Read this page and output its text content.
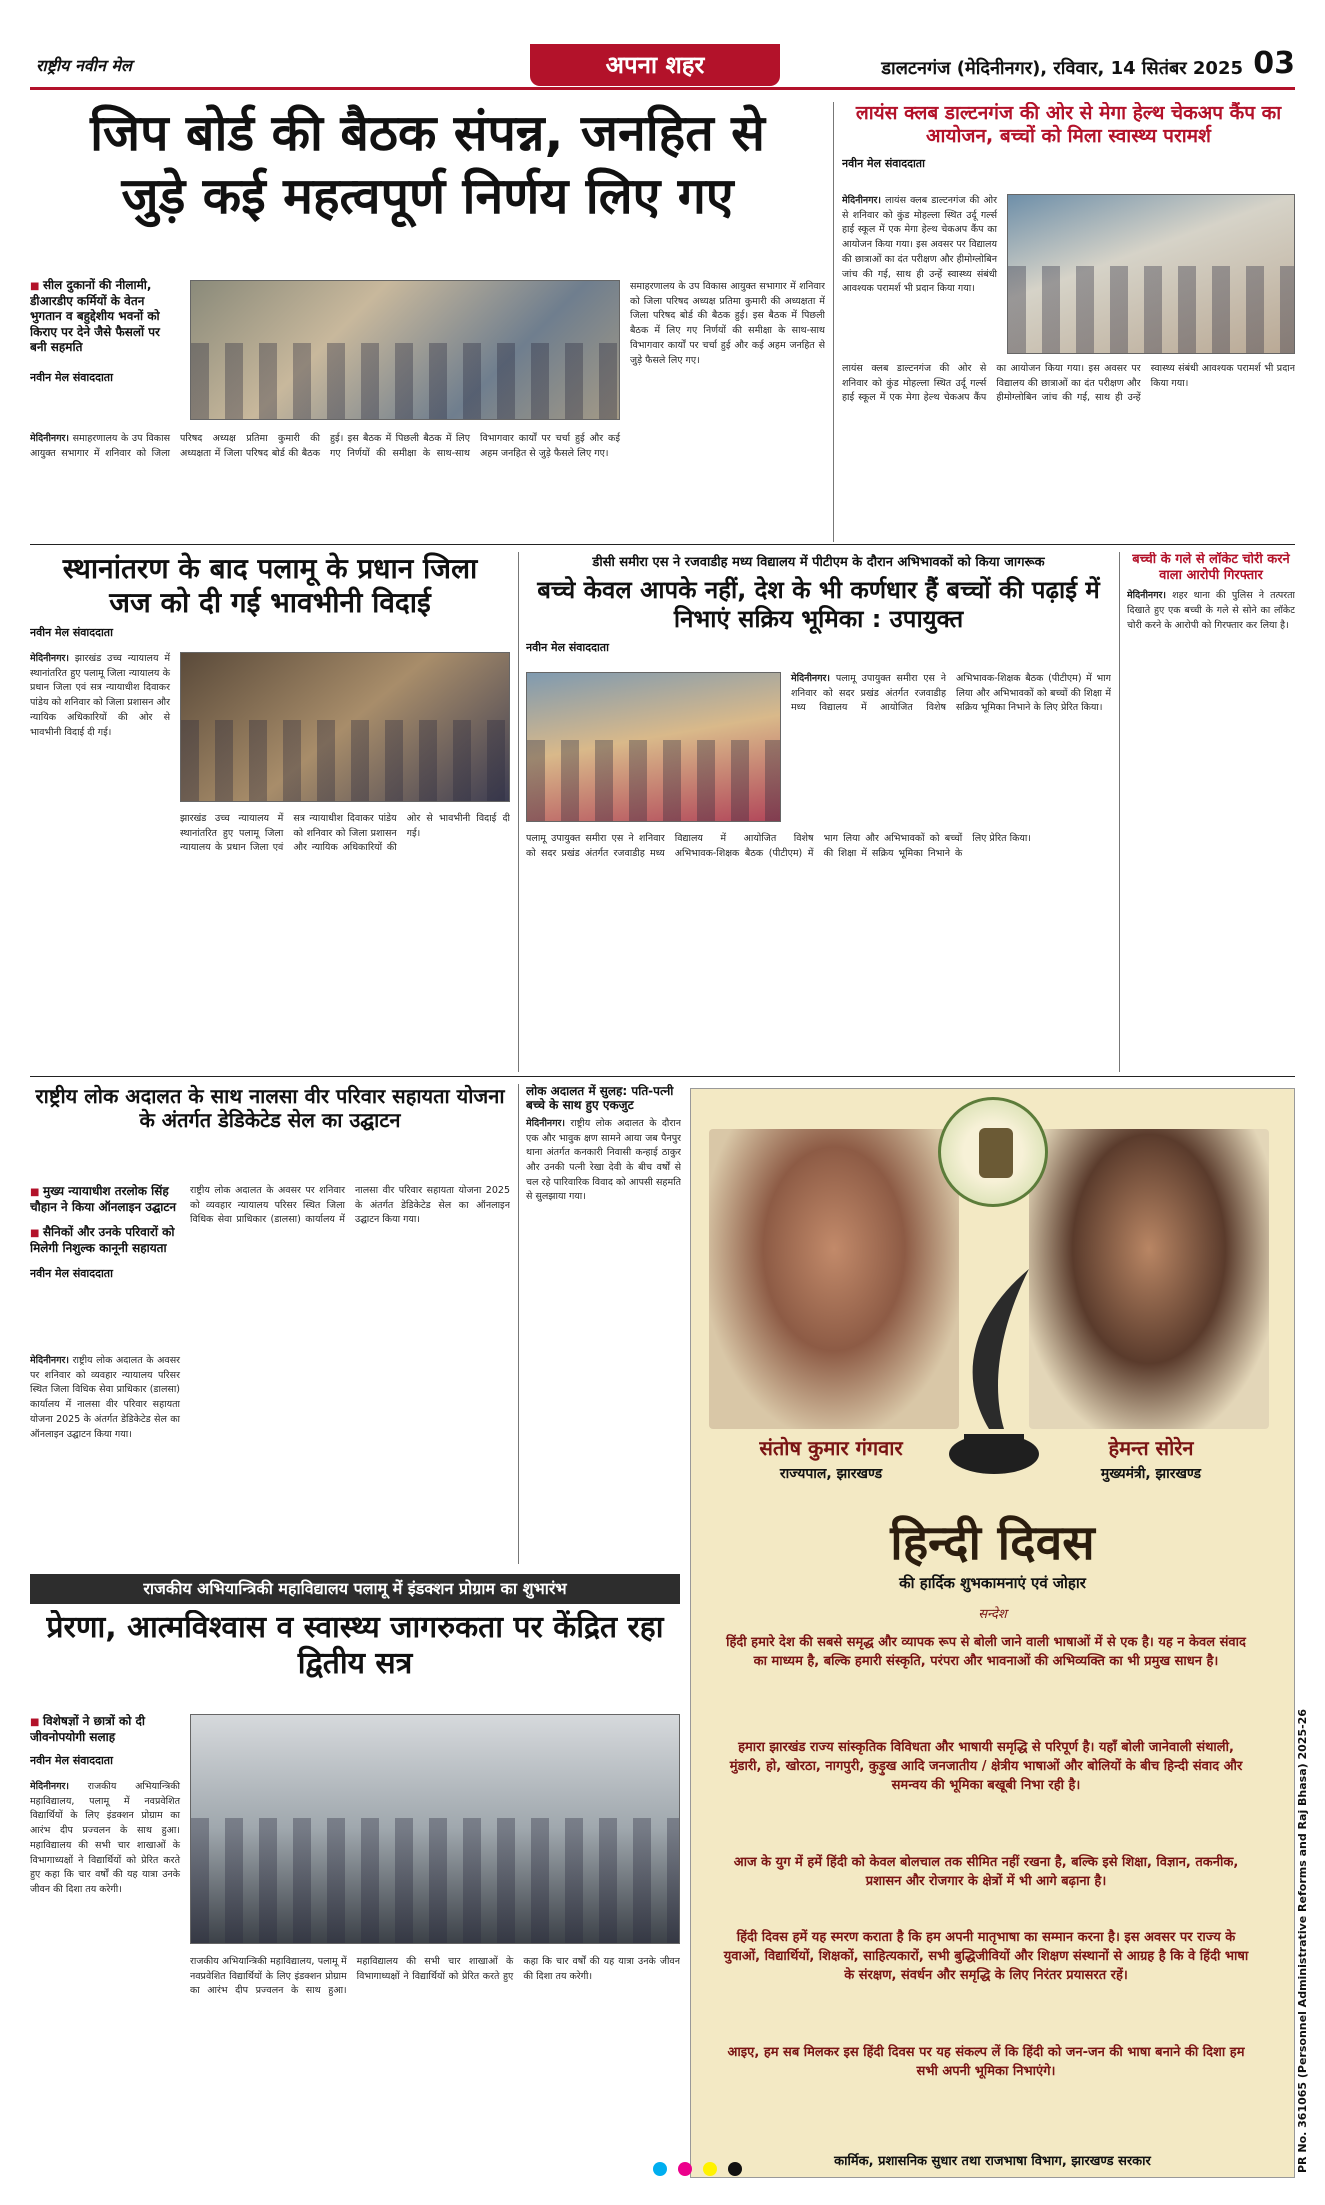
राष्ट्रीय नवीन मेल	अपना शहर	डालटनगंज (मेदिनीनगर), रविवार, 14 सितंबर 2025 03
जिप बोर्ड की बैठक संपन्न, जनहित से जुड़े कई महत्वपूर्ण निर्णय लिए गए
■ सील दुकानों की नीलामी, डीआरडीए कर्मियों के वेतन भुगतान व बहुद्देशीय भवनों को किराए पर देने जैसे फैसलों पर बनी सहमति
नवीन मेल संवाददाता
समाहरणालय के उप विकास आयुक्त सभागार में शनिवार को जिला परिषद अध्यक्ष प्रतिमा कुमारी की अध्यक्षता में जिला परिषद बोर्ड की बैठक हुई। इस बैठक में पिछली बैठक में लिए गए निर्णयों की समीक्षा के साथ-साथ विभागवार कार्यों पर चर्चा हुई और कई अहम जनहित से जुड़े फैसले लिए गए।
मेदिनीनगर। समाहरणालय के उप विकास आयुक्त सभागार में शनिवार को जिला परिषद अध्यक्ष प्रतिमा कुमारी की अध्यक्षता में जिला परिषद बोर्ड की बैठक हुई। इस बैठक में पिछली बैठक में लिए गए निर्णयों की समीक्षा के साथ-साथ विभागवार कार्यों पर चर्चा हुई और कई अहम जनहित से जुड़े फैसले लिए गए।
लायंस क्लब डाल्टनगंज की ओर से मेगा हेल्थ चेकअप कैंप का आयोजन, बच्चों को मिला स्वास्थ्य परामर्श
नवीन मेल संवाददाता
मेदिनीनगर। लायंस क्लब डाल्टनगंज की ओर से शनिवार को कुंड मोहल्ला स्थित उर्दू गर्ल्स हाई स्कूल में एक मेगा हेल्थ चेकअप कैंप का आयोजन किया गया। इस अवसर पर विद्यालय की छात्राओं का दंत परीक्षण और हीमोग्लोबिन जांच की गई, साथ ही उन्हें स्वास्थ्य संबंधी आवश्यक परामर्श भी प्रदान किया गया।
लायंस क्लब डाल्टनगंज की ओर से शनिवार को कुंड मोहल्ला स्थित उर्दू गर्ल्स हाई स्कूल में एक मेगा हेल्थ चेकअप कैंप का आयोजन किया गया। इस अवसर पर विद्यालय की छात्राओं का दंत परीक्षण और हीमोग्लोबिन जांच की गई, साथ ही उन्हें स्वास्थ्य संबंधी आवश्यक परामर्श भी प्रदान किया गया।
स्थानांतरण के बाद पलामू के प्रधान जिला जज को दी गई भावभीनी विदाई
नवीन मेल संवाददाता
मेदिनीनगर। झारखंड उच्च न्यायालय में स्थानांतरित हुए पलामू जिला न्यायालय के प्रधान जिला एवं सत्र न्यायाधीश दिवाकर पांडेय को शनिवार को जिला प्रशासन और न्यायिक अधिकारियों की ओर से भावभीनी विदाई दी गई।
झारखंड उच्च न्यायालय में स्थानांतरित हुए पलामू जिला न्यायालय के प्रधान जिला एवं सत्र न्यायाधीश दिवाकर पांडेय को शनिवार को जिला प्रशासन और न्यायिक अधिकारियों की ओर से भावभीनी विदाई दी गई।
डीसी समीरा एस ने रजवाडीह मध्य विद्यालय में पीटीएम के दौरान अभिभावकों को किया जागरूक
बच्चे केवल आपके नहीं, देश के भी कर्णधार हैं बच्चों की पढ़ाई में निभाएं सक्रिय भूमिका : उपायुक्त
नवीन मेल संवाददाता
मेदिनीनगर। पलामू उपायुक्त समीरा एस ने शनिवार को सदर प्रखंड अंतर्गत रजवाडीह मध्य विद्यालय में आयोजित विशेष अभिभावक-शिक्षक बैठक (पीटीएम) में भाग लिया और अभिभावकों को बच्चों की शिक्षा में सक्रिय भूमिका निभाने के लिए प्रेरित किया।
पलामू उपायुक्त समीरा एस ने शनिवार को सदर प्रखंड अंतर्गत रजवाडीह मध्य विद्यालय में आयोजित विशेष अभिभावक-शिक्षक बैठक (पीटीएम) में भाग लिया और अभिभावकों को बच्चों की शिक्षा में सक्रिय भूमिका निभाने के लिए प्रेरित किया।
बच्ची के गले से लॉकेट चोरी करने वाला आरोपी गिरफ्तार
मेदिनीनगर। शहर थाना की पुलिस ने तत्परता दिखाते हुए एक बच्ची के गले से सोने का लॉकेट चोरी करने के आरोपी को गिरफ्तार कर लिया है।
राष्ट्रीय लोक अदालत के साथ नालसा वीर परिवार सहायता योजना के अंतर्गत डेडिकेटेड सेल का उद्घाटन
■ मुख्य न्यायाधीश तरलोक सिंह चौहान ने किया ऑनलाइन उद्घाटन
■ सैनिकों और उनके परिवारों को मिलेगी निशुल्क कानूनी सहायता
नवीन मेल संवाददाता
राष्ट्रीय लोक अदालत के अवसर पर शनिवार को व्यवहार न्यायालय परिसर स्थित जिला विधिक सेवा प्राधिकार (डालसा) कार्यालय में नालसा वीर परिवार सहायता योजना 2025 के अंतर्गत डेडिकेटेड सेल का ऑनलाइन उद्घाटन किया गया।
मेदिनीनगर। राष्ट्रीय लोक अदालत के अवसर पर शनिवार को व्यवहार न्यायालय परिसर स्थित जिला विधिक सेवा प्राधिकार (डालसा) कार्यालय में नालसा वीर परिवार सहायता योजना 2025 के अंतर्गत डेडिकेटेड सेल का ऑनलाइन उद्घाटन किया गया।
लोक अदालत में सुलह: पति-पत्नी बच्चे के साथ हुए एकजुट
मेदिनीनगर। राष्ट्रीय लोक अदालत के दौरान एक और भावुक क्षण सामने आया जब पैनपुर थाना अंतर्गत कनकारी निवासी कन्हाई ठाकुर और उनकी पत्नी रेखा देवी के बीच वर्षों से चल रहे पारिवारिक विवाद को आपसी सहमति से सुलझाया गया।
संतोष कुमार गंगवार
राज्यपाल, झारखण्ड
हेमन्त सोरेन
मुख्यमंत्री, झारखण्ड
हिन्दी दिवस
की हार्दिक शुभकामनाएं एवं जोहार
सन्देश
हिंदी हमारे देश की सबसे समृद्ध और व्यापक रूप से बोली जाने वाली भाषाओं में से एक है। यह न केवल संवाद का माध्यम है, बल्कि हमारी संस्कृति, परंपरा और भावनाओं की अभिव्यक्ति का भी प्रमुख साधन है।
हमारा झारखंड राज्य सांस्कृतिक विविधता और भाषायी समृद्धि से परिपूर्ण है। यहाँ बोली जानेवाली संथाली, मुंडारी, हो, खोरठा, नागपुरी, कुड़ुख आदि जनजातीय / क्षेत्रीय भाषाओं और बोलियों के बीच हिन्दी संवाद और समन्वय की भूमिका बखूबी निभा रही है।
आज के युग में हमें हिंदी को केवल बोलचाल तक सीमित नहीं रखना है, बल्कि इसे शिक्षा, विज्ञान, तकनीक, प्रशासन और रोजगार के क्षेत्रों में भी आगे बढ़ाना है।
हिंदी दिवस हमें यह स्मरण कराता है कि हम अपनी मातृभाषा का सम्मान करना है। इस अवसर पर राज्य के युवाओं, विद्यार्थियों, शिक्षकों, साहित्यकारों, सभी बुद्धिजीवियों और शिक्षण संस्थानों से आग्रह है कि वे हिंदी भाषा के संरक्षण, संवर्धन और समृद्धि के लिए निरंतर प्रयासरत रहें।
आइए, हम सब मिलकर इस हिंदी दिवस पर यह संकल्प लें कि हिंदी को जन-जन की भाषा बनाने की दिशा हम सभी अपनी भूमिका निभाएंगे।
कार्मिक, प्रशासनिक सुधार तथा राजभाषा विभाग, झारखण्ड सरकार	PR No. 361065 (Personnel Administrative Reforms and Raj Bhasa) 2025-26
राजकीय अभियान्त्रिकी महाविद्यालय पलामू में इंडक्शन प्रोग्राम का शुभारंभ
प्रेरणा, आत्मविश्वास व स्वास्थ्य जागरुकता पर केंद्रित रहा द्वितीय सत्र
■ विशेषज्ञों ने छात्रों को दी जीवनोपयोगी सलाह
नवीन मेल संवाददाता
मेदिनीनगर। राजकीय अभियान्त्रिकी महाविद्यालय, पलामू में नवप्रवेशित विद्यार्थियों के लिए इंडक्शन प्रोग्राम का आरंभ दीप प्रज्वलन के साथ हुआ। महाविद्यालय की सभी चार शाखाओं के विभागाध्यक्षों ने विद्यार्थियों को प्रेरित करते हुए कहा कि चार वर्षों की यह यात्रा उनके जीवन की दिशा तय करेगी।
राजकीय अभियान्त्रिकी महाविद्यालय, पलामू में नवप्रवेशित विद्यार्थियों के लिए इंडक्शन प्रोग्राम का आरंभ दीप प्रज्वलन के साथ हुआ। महाविद्यालय की सभी चार शाखाओं के विभागाध्यक्षों ने विद्यार्थियों को प्रेरित करते हुए कहा कि चार वर्षों की यह यात्रा उनके जीवन की दिशा तय करेगी।
